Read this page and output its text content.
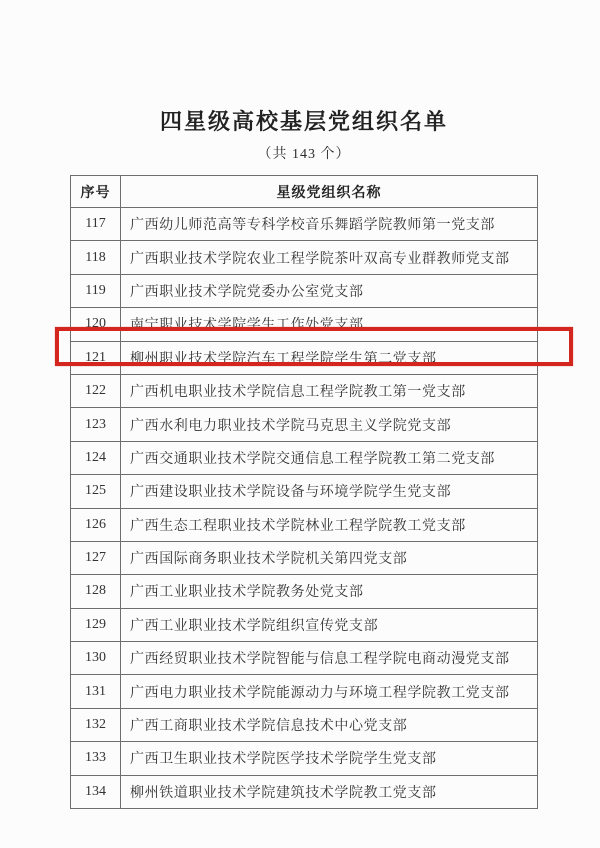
四星级高校基层党组织名单
（共 143 个）
序号	星级党组织名称
117	广西幼儿师范高等专科学校音乐舞蹈学院教师第一党支部
118	广西职业技术学院农业工程学院茶叶双高专业群教师党支部
119	广西职业技术学院党委办公室党支部
120	南宁职业技术学院学生工作处党支部
121	柳州职业技术学院汽车工程学院学生第二党支部
122	广西机电职业技术学院信息工程学院教工第一党支部
123	广西水利电力职业技术学院马克思主义学院党支部
124	广西交通职业技术学院交通信息工程学院教工第二党支部
125	广西建设职业技术学院设备与环境学院学生党支部
126	广西生态工程职业技术学院林业工程学院教工党支部
127	广西国际商务职业技术学院机关第四党支部
128	广西工业职业技术学院教务处党支部
129	广西工业职业技术学院组织宣传党支部
130	广西经贸职业技术学院智能与信息工程学院电商动漫党支部
131	广西电力职业技术学院能源动力与环境工程学院教工党支部
132	广西工商职业技术学院信息技术中心党支部
133	广西卫生职业技术学院医学技术学院学生党支部
134	柳州铁道职业技术学院建筑技术学院教工党支部
